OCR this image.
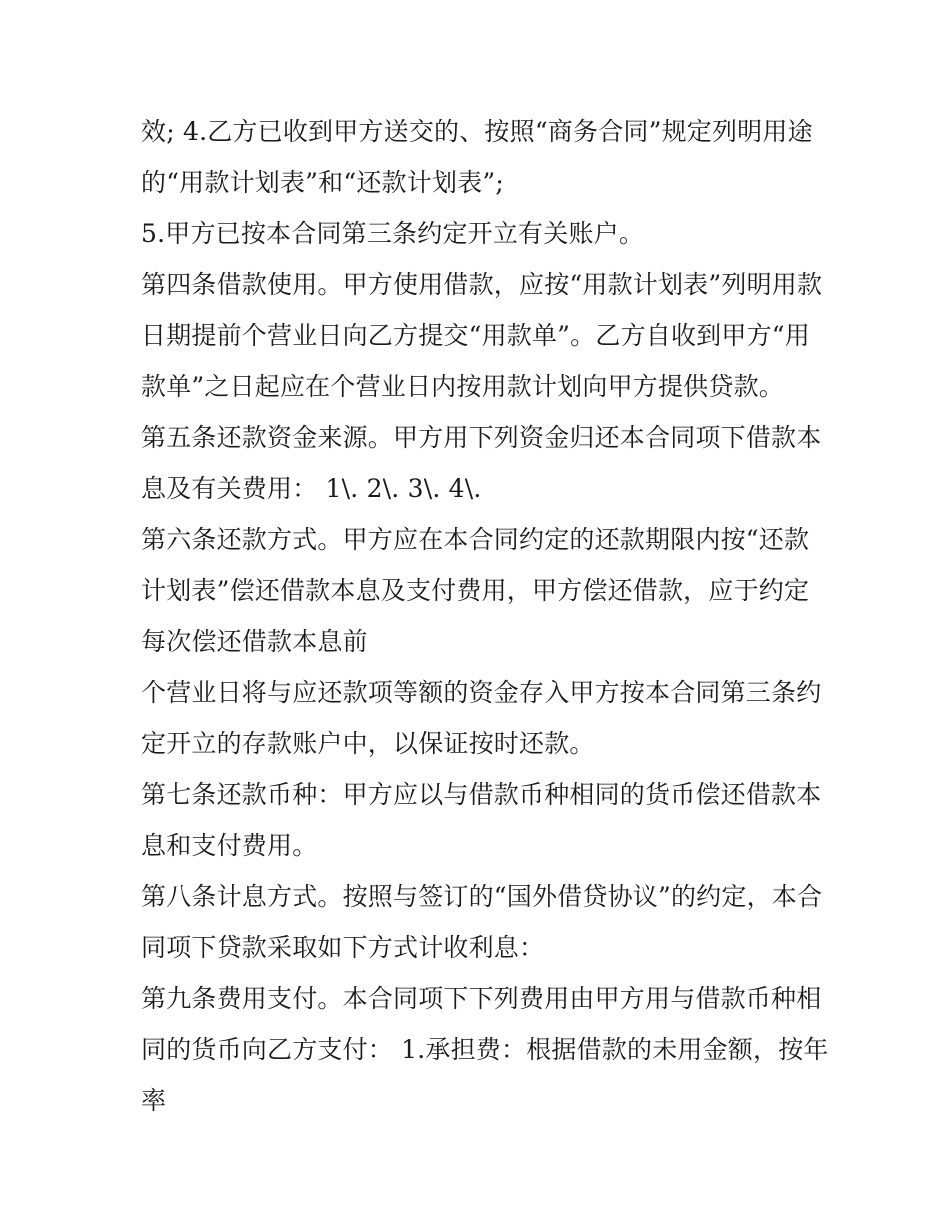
效; 4.乙方已收到甲方送交的、按照“商务合同”规定列明用途
的“用款计划表”和“还款计划表”;
5.甲方已按本合同第三条约定开立有关账户。
第四条借款使用。甲方使用借款，应按“用款计划表”列明用款
日期提前个营业日向乙方提交“用款单”。乙方自收到甲方“用
款单”之日起应在个营业日内按用款计划向甲方提供贷款。
第五条还款资金来源。甲方用下列资金归还本合同项下借款本
息及有关费用： 1\. 2\. 3\. 4\.
第六条还款方式。甲方应在本合同约定的还款期限内按“还款
计划表”偿还借款本息及支付费用，甲方偿还借款，应于约定
每次偿还借款本息前
个营业日将与应还款项等额的资金存入甲方按本合同第三条约
定开立的存款账户中，以保证按时还款。
第七条还款币种：甲方应以与借款币种相同的货币偿还借款本
息和支付费用。
第八条计息方式。按照与签订的“国外借贷协议”的约定，本合
同项下贷款采取如下方式计收利息：
第九条费用支付。本合同项下下列费用由甲方用与借款币种相
同的货币向乙方支付： 1.承担费：根据借款的未用金额，按年
率
